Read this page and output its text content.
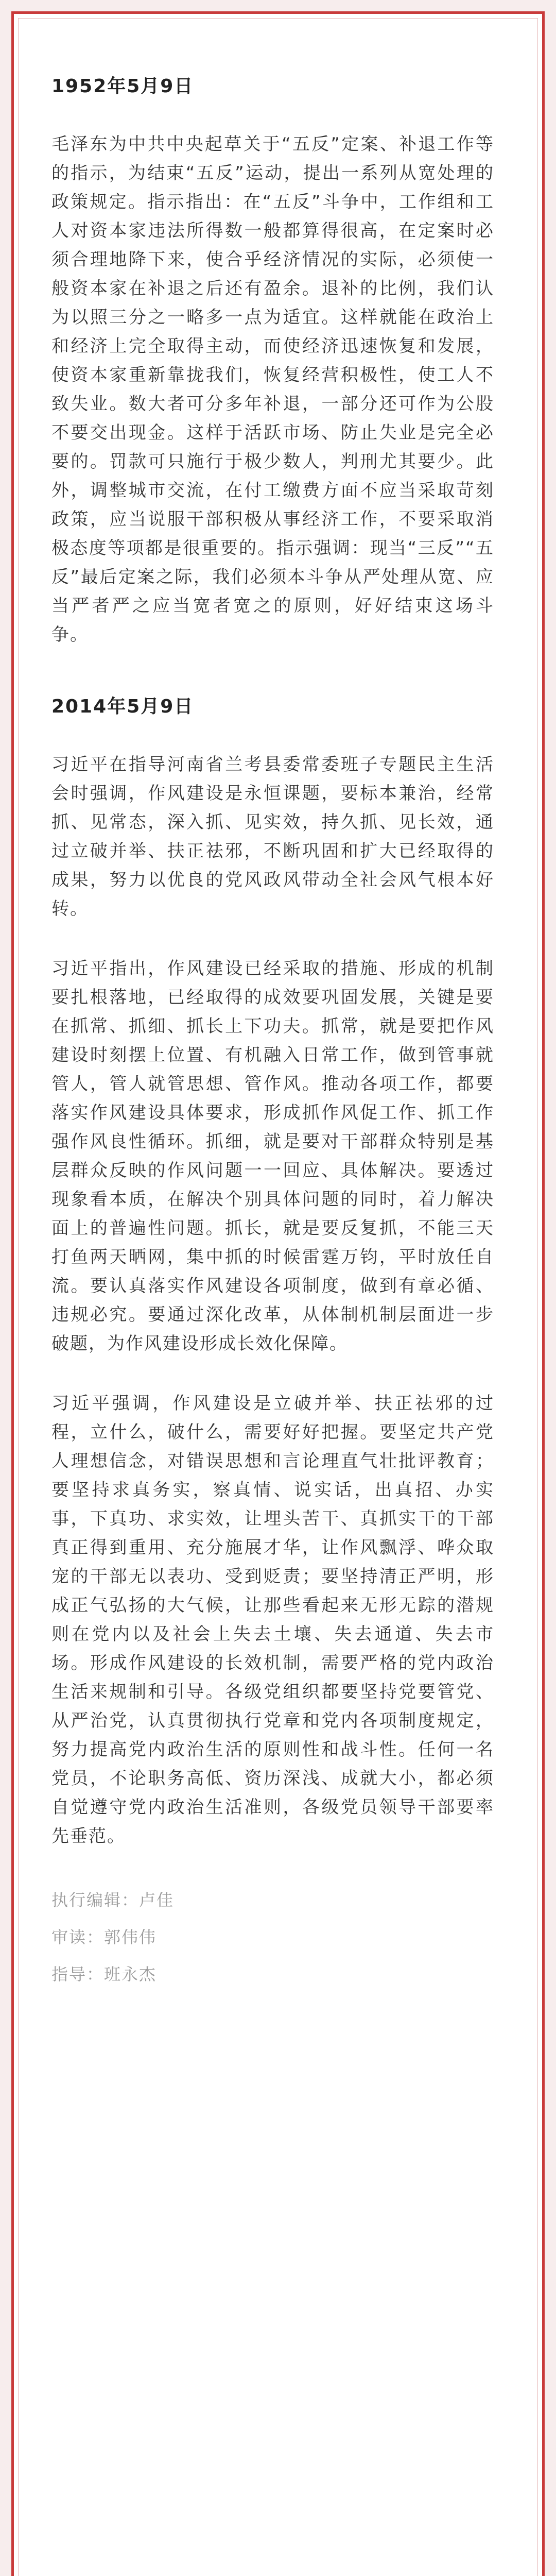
1952年5月9日

毛泽东为中共中央起草关于“五反”定案、补退工作等的指示，为结束“五反”运动，提出一系列从宽处理的政策规定。指示指出：在“五反”斗争中，工作组和工人对资本家违法所得数一般都算得很高，在定案时必须合理地降下来，使合乎经济情况的实际，必须使一般资本家在补退之后还有盈余。退补的比例，我们认为以照三分之一略多一点为适宜。这样就能在政治上和经济上完全取得主动，而使经济迅速恢复和发展，使资本家重新靠拢我们，恢复经营积极性，使工人不致失业。数大者可分多年补退，一部分还可作为公股不要交出现金。这样于活跃市场、防止失业是完全必要的。罚款可只施行于极少数人，判刑尤其要少。此外，调整城市交流，在付工缴费方面不应当采取苛刻政策，应当说服干部积极从事经济工作，不要采取消极态度等项都是很重要的。指示强调：现当“三反”“五反”最后定案之际，我们必须本斗争从严处理从宽、应当严者严之应当宽者宽之的原则，好好结束这场斗争。

2014年5月9日

习近平在指导河南省兰考县委常委班子专题民主生活会时强调，作风建设是永恒课题，要标本兼治，经常抓、见常态，深入抓、见实效，持久抓、见长效，通过立破并举、扶正祛邪，不断巩固和扩大已经取得的成果，努力以优良的党风政风带动全社会风气根本好转。

习近平指出，作风建设已经采取的措施、形成的机制要扎根落地，已经取得的成效要巩固发展，关键是要在抓常、抓细、抓长上下功夫。抓常，就是要把作风建设时刻摆上位置、有机融入日常工作，做到管事就管人，管人就管思想、管作风。推动各项工作，都要落实作风建设具体要求，形成抓作风促工作、抓工作强作风良性循环。抓细，就是要对干部群众特别是基层群众反映的作风问题一一回应、具体解决。要透过现象看本质，在解决个别具体问题的同时，着力解决面上的普遍性问题。抓长，就是要反复抓，不能三天打鱼两天晒网，集中抓的时候雷霆万钧，平时放任自流。要认真落实作风建设各项制度，做到有章必循、违规必究。要通过深化改革，从体制机制层面进一步破题，为作风建设形成长效化保障。

习近平强调，作风建设是立破并举、扶正祛邪的过程，立什么，破什么，需要好好把握。要坚定共产党人理想信念，对错误思想和言论理直气壮批评教育；要坚持求真务实，察真情、说实话，出真招、办实事，下真功、求实效，让埋头苦干、真抓实干的干部真正得到重用、充分施展才华，让作风飘浮、哗众取宠的干部无以表功、受到贬责；要坚持清正严明，形成正气弘扬的大气候，让那些看起来无形无踪的潜规则在党内以及社会上失去土壤、失去通道、失去市场。形成作风建设的长效机制，需要严格的党内政治生活来规制和引导。各级党组织都要坚持党要管党、从严治党，认真贯彻执行党章和党内各项制度规定，努力提高党内政治生活的原则性和战斗性。任何一名党员，不论职务高低、资历深浅、成就大小，都必须自觉遵守党内政治生活准则，各级党员领导干部要率先垂范。

执行编辑：卢佳

审读：郭伟伟

指导：班永杰
